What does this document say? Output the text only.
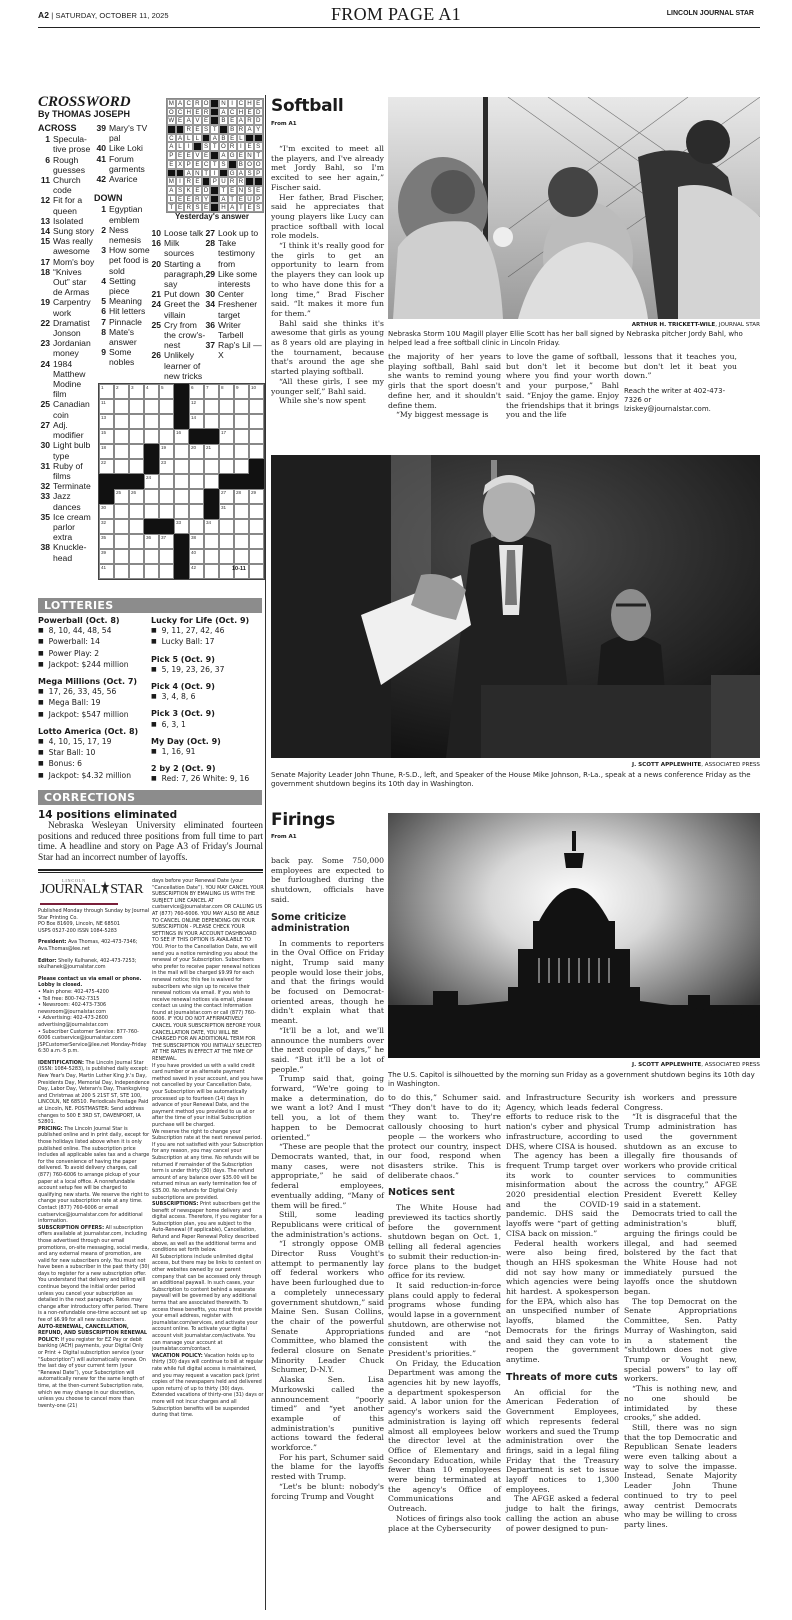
A2 | SATURDAY, OCTOBER 11, 2025	FROM PAGE A1	LINCOLN JOURNAL STAR
CROSSWORD
By THOMAS JOSEPH
ACROSS
1 Specula-tive prose
6 Rough guesses
11 Church code
12 Fit for a queen
13 Isolated
14 Sung story
15 Was really awesome
17 Mom's boy
18 “Knives Out” star de Armas
19 Carpentry work
22 Dramatist Jonson
23 Jordanian money
24 1984 Matthew Modine film
25 Canadian coin
27 Adj. modifier
30 Light bulb type
31 Ruby of films
32 Terminate
33 Jazz dances
35 Ice cream parlor extra
38 Knuckle-head
39 Mary's TV pal
40 Like Loki
41 Forum garments
42 Avarice
DOWN
1 Egyptian emblem
2 Ness nemesis
3 How some pet food is sold
4 Setting piece
5 Meaning
6 Hit letters
7 Pinnacle
8 Mate's answer
9 Some nobles
10 Loose talk
16 Milk sources
20 Starting a paragraph, say
21 Put down
24 Greet the villain
25 Cry from the crow's-nest
26 Unlikely learner of new tricks
27 Look up to
28 Take testimony from
29 Like some interests
30 Center
34 Freshener target
36 Writer Tarbell
37 Rap's Lil — X
M A C R O	N I C H E
O C H E R	A C H E D
W E A V E	B E A R D
R E S T	B R A Y
C A L L	A B E L
A L I	S T O R I E S
P E E V E	A G E N T
E X P E C T S	B O O
A N T I	G A S P
M I R E	P U R R
A S K E D	T E N S E
L E E R Y	A T E U P
T E R S E	H A T E S
Yesterday's answer
1	2	3	4	5	6	7	8	9	10
11	12
13	14
15	16	17
18	19	20 21
22	23
24
25 26	27 28 29
30	31
32	33	34
35	36 37	38
39	40
41	42	10-11
LOTTERIES
Powerball (Oct. 8)
■ 8, 10, 44, 48, 54
■ Powerball: 14
■ Power Play: 2
■ Jackpot: $244 million
Mega Millions (Oct. 7)
■ 17, 26, 33, 45, 56
■ Mega Ball: 19
■ Jackpot: $547 million
Lotto America (Oct. 8)
■ 4, 10, 15, 17, 19
■ Star Ball: 10
■ Bonus: 6
■ Jackpot: $4.32 million
Lucky for Life (Oct. 9)
■ 9, 11, 27, 42, 46
■ Lucky Ball: 17
Pick 5 (Oct. 9)
■ 5, 19, 23, 26, 37
Pick 4 (Oct. 9)
■ 3, 4, 8, 6
Pick 3 (Oct. 9)
■ 6, 3, 1
My Day (Oct. 9)
■ 1, 16, 91
2 by 2 (Oct. 9)
■ Red: 7, 26 White: 9, 16
CORRECTIONS
14 positions eliminated
Nebraska Wesleyan University eliminated fourteen positions and reduced three positions from full time to part time. A headline and story on Page A3 of Friday's Journal Star had an incorrect number of layoffs.
LINCOLN
JOURNAL STAR
Published Monday through Sunday by Journal Star Printing Co.
PO Box 81609, Lincoln, NE 68501
USPS 0527-200 ISSN 1084-5283
President: Ava Thomas, 402-473-7346; Ava.Thomas@lee.net
Editor: Shelly Kulhanek, 402-473-7253; skulhanek@journalstar.com
Please contact us via email or phone. Lobby is closed.
• Main phone: 402-475-4200
• Toll free: 800-742-7315
• Newsroom: 402-473-7306 newsroom@journalstar.com
• Advertising: 402-473-2600 advertising@journalstar.com
• Subscriber Customer Service: 877-760-6006 custservice@journalstar.com JSPCustomerService@lee.net Monday-Friday 6:30 a.m.-5 p.m.
IDENTIFICATION: The Lincoln Journal Star (ISSN: 1084-5283), is published daily except: New Year's Day, Martin Luther King Jr.'s Day, Presidents Day, Memorial Day, Independence Day, Labor Day, Veteran's Day, Thanksgiving and Christmas at 200 S 21ST ST, STE 100, LINCOLN, NE 68510. Periodicals Postage Paid at Lincoln, NE. POSTMASTER: Send address changes to 500 E 3RD ST, DAVENPORT, IA 52801.
PRICING: The Lincoln Journal Star is published online and in print daily, except for those holidays listed above when it is only published online. The subscription price includes all applicable sales tax and a charge for the convenience of having the paper delivered. To avoid delivery charges, call (877) 760-6006 to arrange pickup of your paper at a local office. A nonrefundable account setup fee will be charged to qualifying new starts. We reserve the right to change your subscription rate at any time. Contact (877) 760-6006 or email custservice@journalstar.com for additional information.
SUBSCRIPTION OFFERS: All subscription offers available at journalstar.com, including those advertised through our email promotions, on-site messaging, social media, and any external means of promotion, are valid for new subscribers only. You must not have been a subscriber in the past thirty (30) days to register for a new subscription offer. You understand that delivery and billing will continue beyond the initial order period unless you cancel your subscription as detailed in the next paragraph. Rates may change after introductory offer period. There is a non-refundable one-time account set up fee of $6.99 for all new subscribers.
AUTO-RENEWAL, CANCELLATION, REFUND, AND SUBSCRIPTION RENEWAL POLICY: If you register for EZ Pay or debit banking (ACH) payments, your Digital Only or Print + Digital subscription service (your “Subscription”) will automatically renew. On the last day of your current term (your “Renewal Date”), your Subscription will automatically renew for the same length of time, at the then-current Subscription rate, which we may change in our discretion, unless you choose to cancel more than twenty-one (21)
days before your Renewal Date (your “Cancellation Date”). YOU MAY CANCEL YOUR SUBSCRIPTION BY EMAILING US WITH THE SUBJECT LINE CANCEL AT custservice@journalstar.com OR CALLING US AT (877) 760-6006. YOU MAY ALSO BE ABLE TO CANCEL ONLINE DEPENDING ON YOUR SUBSCRIPTION - PLEASE CHECK YOUR SETTINGS IN YOUR ACCOUNT DASHBOARD TO SEE IF THIS OPTION IS AVAILABLE TO YOU. Prior to the Cancellation Date, we will send you a notice reminding you about the renewal of your Subscription. Subscribers who prefer to receive paper renewal notices in the mail will be charged $9.99 for each renewal notice; this fee is waived for subscribers who sign up to receive their renewal notices via email. If you wish to receive renewal notices via email, please contact us using the contact information found at journalstar.com or call (877) 760-6006. IF YOU DO NOT AFFIRMATIVELY CANCEL YOUR SUBSCRIPTION BEFORE YOUR CANCELLATION DATE, YOU WILL BE CHARGED FOR AN ADDITIONAL TERM FOR THE SUBSCRIPTION YOU INITIALLY SELECTED AT THE RATES IN EFFECT AT THE TIME OF RENEWAL.
If you have provided us with a valid credit card number or an alternate payment method saved in your account, and you have not cancelled by your Cancellation Date, your Subscription will be automatically processed up to fourteen (14) days in advance of your Renewal Date, and the payment method you provided to us at or after the time of your initial Subscription purchase will be charged.
We reserve the right to change your Subscription rate at the next renewal period. If you are not satisfied with your Subscription for any reason, you may cancel your Subscription at any time. No refunds will be returned if remainder of the Subscription term is under thirty (30) days. The refund amount of any balance over $35.00 will be returned minus an early termination fee of $35.00. No refunds for Digital Only subscriptions are provided.
SUBSCRIPTIONS: Print subscribers get the benefit of newspaper home delivery and digital access. Therefore, if you register for a Subscription plan, you are subject to the Auto-Renewal (if applicable), Cancellation, Refund and Paper Renewal Policy described above, as well as the additional terms and conditions set forth below.
All Subscriptions include unlimited digital access, but there may be links to content on other websites owned by our parent company that can be accessed only through an additional paywall. In such cases, your Subscription to content behind a separate paywall will be governed by any additional terms that are associated therewith. To access these benefits, you must first provide your email address, register with journalstar.com/services, and activate your account online. To activate your digital account visit journalstar.com/activate. You can manage your account at journalstar.com/contact.
VACATION POLICY: Vacation holds up to thirty (30) days will continue to bill at regular rate while full digital access is maintained, and you may request a vacation pack (print copies of the newspapers held and delivered upon return) of up to thirty (30) days. Extended vacations of thirty-one (31) days or more will not incur charges and all Subscription benefits will be suspended during that time.
Softball
From A1

“I'm excited to meet all the players, and I've already met Jordy Bahl, so I'm excited to see her again,” Fischer said.

Her father, Brad Fischer, said he appreciates that young players like Lucy can practice softball with local role models.

“I think it's really good for the girls to get an opportunity to learn from the players they can look up to who have done this for a long time,” Brad Fischer said. “It makes it more fun for them.”

Bahl said she thinks it's awesome that girls as young as 8 years old are playing in the tournament, because that's around the age she started playing softball.

“All these girls, I see my younger self,” Bahl said.

While she's now spent

ARTHUR H. TRICKETT-WILE, JOURNAL STAR
Nebraska Storm 10U Magill player Ellie Scott has her ball signed by Nebraska pitcher Jordy Bahl, who helped lead a free softball clinic in Lincoln Friday.

the majority of her years playing softball, Bahl said she wants to remind young girls that the sport doesn't define her, and it shouldn't define them.

“My biggest message is

to love the game of softball, but don't let it become where you find your worth and your purpose,” Bahl said. “Enjoy the game. Enjoy the friendships that it brings you and the life

lessons that it teaches you, but don't let it beat you down.”

Reach the writer at 402-473-7326 or lziskey@journalstar.com.

J. SCOTT APPLEWHITE, ASSOCIATED PRESS
Senate Majority Leader John Thune, R-S.D., left, and Speaker of the House Mike Johnson, R-La., speak at a news conference Friday as the government shutdown begins its 10th day in Washington.
Firings
From A1

back pay. Some 750,000 employees are expected to be furloughed during the shutdown, officials have said.

Some criticize administration

In comments to reporters in the Oval Office on Friday night, Trump said many people would lose their jobs, and that the firings would be focused on Democrat-oriented areas, though he didn't explain what that meant.

“It'll be a lot, and we'll announce the numbers over the next couple of days,” he said. “But it'll be a lot of people.”

Trump said that, going forward, “We're going to make a determination, do we want a lot? And I must tell you, a lot of them happen to be Democrat oriented.”

“These are people that the Democrats wanted, that, in many cases, were not appropriate,” he said of federal employees, eventually adding, “Many of them will be fired.”

Still, some leading Republicans were critical of the administration's actions.

“I strongly oppose OMB Director Russ Vought's attempt to permanently lay off federal workers who have been furloughed due to a completely unnecessary government shutdown,” said Maine Sen. Susan Collins, the chair of the powerful Senate Appropriations Committee, who blamed the federal closure on Senate Minority Leader Chuck Schumer, D-N.Y.

Alaska Sen. Lisa Murkowski called the announcement “poorly timed” and “yet another example of this administration's punitive actions toward the federal workforce.”

For his part, Schumer said the blame for the layoffs rested with Trump.

“Let's be blunt: nobody's forcing Trump and Vought

J. SCOTT APPLEWHITE, ASSOCIATED PRESS
The U.S. Capitol is silhouetted by the morning sun Friday as a government shutdown begins its 10th day in Washington.

to do this,” Schumer said. “They don't have to do it; they want to. They're callously choosing to hurt people — the workers who protect our country, inspect our food, respond when disasters strike. This is deliberate chaos.”

Notices sent

The White House had previewed its tactics shortly before the government shutdown began on Oct. 1, telling all federal agencies to submit their reduction-in-force plans to the budget office for its review.

It said reduction-in-force plans could apply to federal programs whose funding would lapse in a government shutdown, are otherwise not funded and are “not consistent with the President's priorities.”

On Friday, the Education Department was among the agencies hit by new layoffs, a department spokesperson said. A labor union for the agency's workers said the administration is laying off almost all employees below the director level at the Office of Elementary and Secondary Education, while fewer than 10 employees were being terminated at the agency's Office of Communications and Outreach.

Notices of firings also took place at the Cybersecurity

and Infrastructure Security Agency, which leads federal efforts to reduce risk to the nation's cyber and physical infrastructure, according to DHS, where CISA is housed.

The agency has been a frequent Trump target over its work to counter misinformation about the 2020 presidential election and the COVID-19 pandemic. DHS said the layoffs were “part of getting CISA back on mission.”

Federal health workers were also being fired, though an HHS spokesman did not say how many or which agencies were being hit hardest. A spokesperson for the EPA, which also has an unspecified number of layoffs, blamed the Democrats for the firings and said they can vote to reopen the government anytime.

Threats of more cuts

An official for the American Federation of Government Employees, which represents federal workers and sued the Trump administration over the firings, said in a legal filing Friday that the Treasury Department is set to issue layoff notices to 1,300 employees.

The AFGE asked a federal judge to halt the firings, calling the action an abuse of power designed to pun-

ish workers and pressure Congress.

“It is disgraceful that the Trump administration has used the government shutdown as an excuse to illegally fire thousands of workers who provide critical services to communities across the country,” AFGE President Everett Kelley said in a statement.

Democrats tried to call the administration's bluff, arguing the firings could be illegal, and had seemed bolstered by the fact that the White House had not immediately pursued the layoffs once the shutdown began.

The top Democrat on the Senate Appropriations Committee, Sen. Patty Murray of Washington, said in a statement the “shutdown does not give Trump or Vought new, special powers” to lay off workers.

“This is nothing new, and no one should be intimidated by these crooks,” she added.

Still, there was no sign that the top Democratic and Republican Senate leaders were even talking about a way to solve the impasse. Instead, Senate Majority Leader John Thune continued to try to peel away centrist Democrats who may be willing to cross party lines.
